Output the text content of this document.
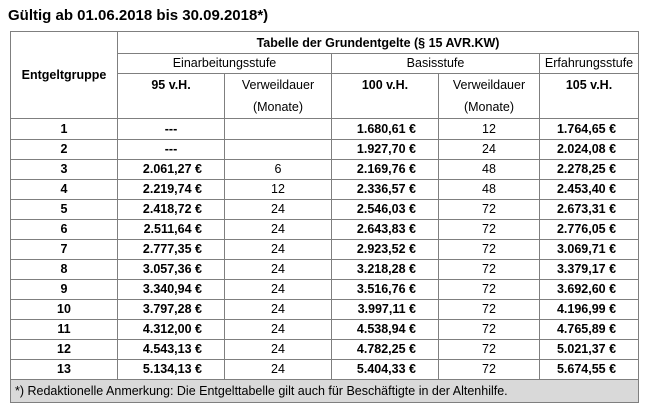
Gültig ab 01.06.2018 bis 30.09.2018*)
Entgeltgruppe	Tabelle der Grundentgelte (§ 15 AVR.KW)				
	Einarbeitungsstufe		Basisstufe		Erfahrungsstufe
	95 v.H.	Verweildauer	100 v.H.	Verweildauer	105 v.H.
		(Monate)		(Monate)	
1	---		1.680,61 €	12	1.764,65 €
2	---		1.927,70 €	24	2.024,08 €
3	2.061,27 €	6	2.169,76 €	48	2.278,25 €
4	2.219,74 €	12	2.336,57 €	48	2.453,40 €
5	2.418,72 €	24	2.546,03 €	72	2.673,31 €
6	2.511,64 €	24	2.643,83 €	72	2.776,05 €
7	2.777,35 €	24	2.923,52 €	72	3.069,71 €
8	3.057,36 €	24	3.218,28 €	72	3.379,17 €
9	3.340,94 €	24	3.516,76 €	72	3.692,60 €
10	3.797,28 €	24	3.997,11 €	72	4.196,99 €
11	4.312,00 €	24	4.538,94 €	72	4.765,89 €
12	4.543,13 €	24	4.782,25 €	72	5.021,37 €
13	5.134,13 €	24	5.404,33 €	72	5.674,55 €
*) Redaktionelle Anmerkung: Die Entgelttabelle gilt auch für Beschäftigte in der Altenhilfe.					
